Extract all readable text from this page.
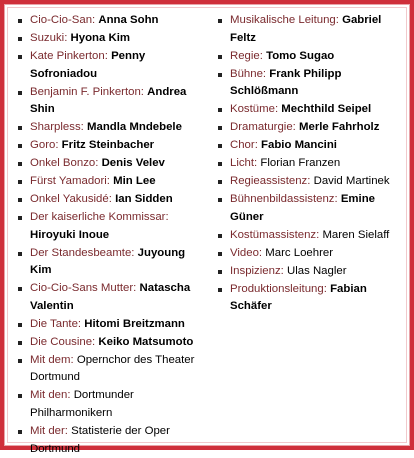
Cio-Cio-San: Anna Sohn
Suzuki: Hyona Kim
Kate Pinkerton: Penny Sofroniadou
Benjamin F. Pinkerton: Andrea Shin
Sharpless: Mandla Mndebele
Goro: Fritz Steinbacher
Onkel Bonzo: Denis Velev
Fürst Yamadori: Min Lee
Onkel Yakusidé: Ian Sidden
Der kaiserliche Kommissar: Hiroyuki Inoue
Der Standesbeamte: Juyoung Kim
Cio-Cio-Sans Mutter: Natascha Valentin
Die Tante: Hitomi Breitzmann
Die Cousine: Keiko Matsumoto
Mit dem: Opernchor des Theater Dortmund
Mit den: Dortmunder Philharmonikern
Mit der: Statisterie der Oper Dortmund
Musikalische Leitung: Gabriel Feltz
Regie: Tomo Sugao
Bühne: Frank Philipp Schlößmann
Kostüme: Mechthild Seipel
Dramaturgie: Merle Fahrholz
Chor: Fabio Mancini
Licht: Florian Franzen
Regieassistenz: David Martinek
Bühnenbildassistenz: Emine Güner
Kostümassistenz: Maren Sielaff
Video: Marc Loehrer
Inspizienz: Ulas Nagler
Produktionsleitung: Fabian Schäfer
